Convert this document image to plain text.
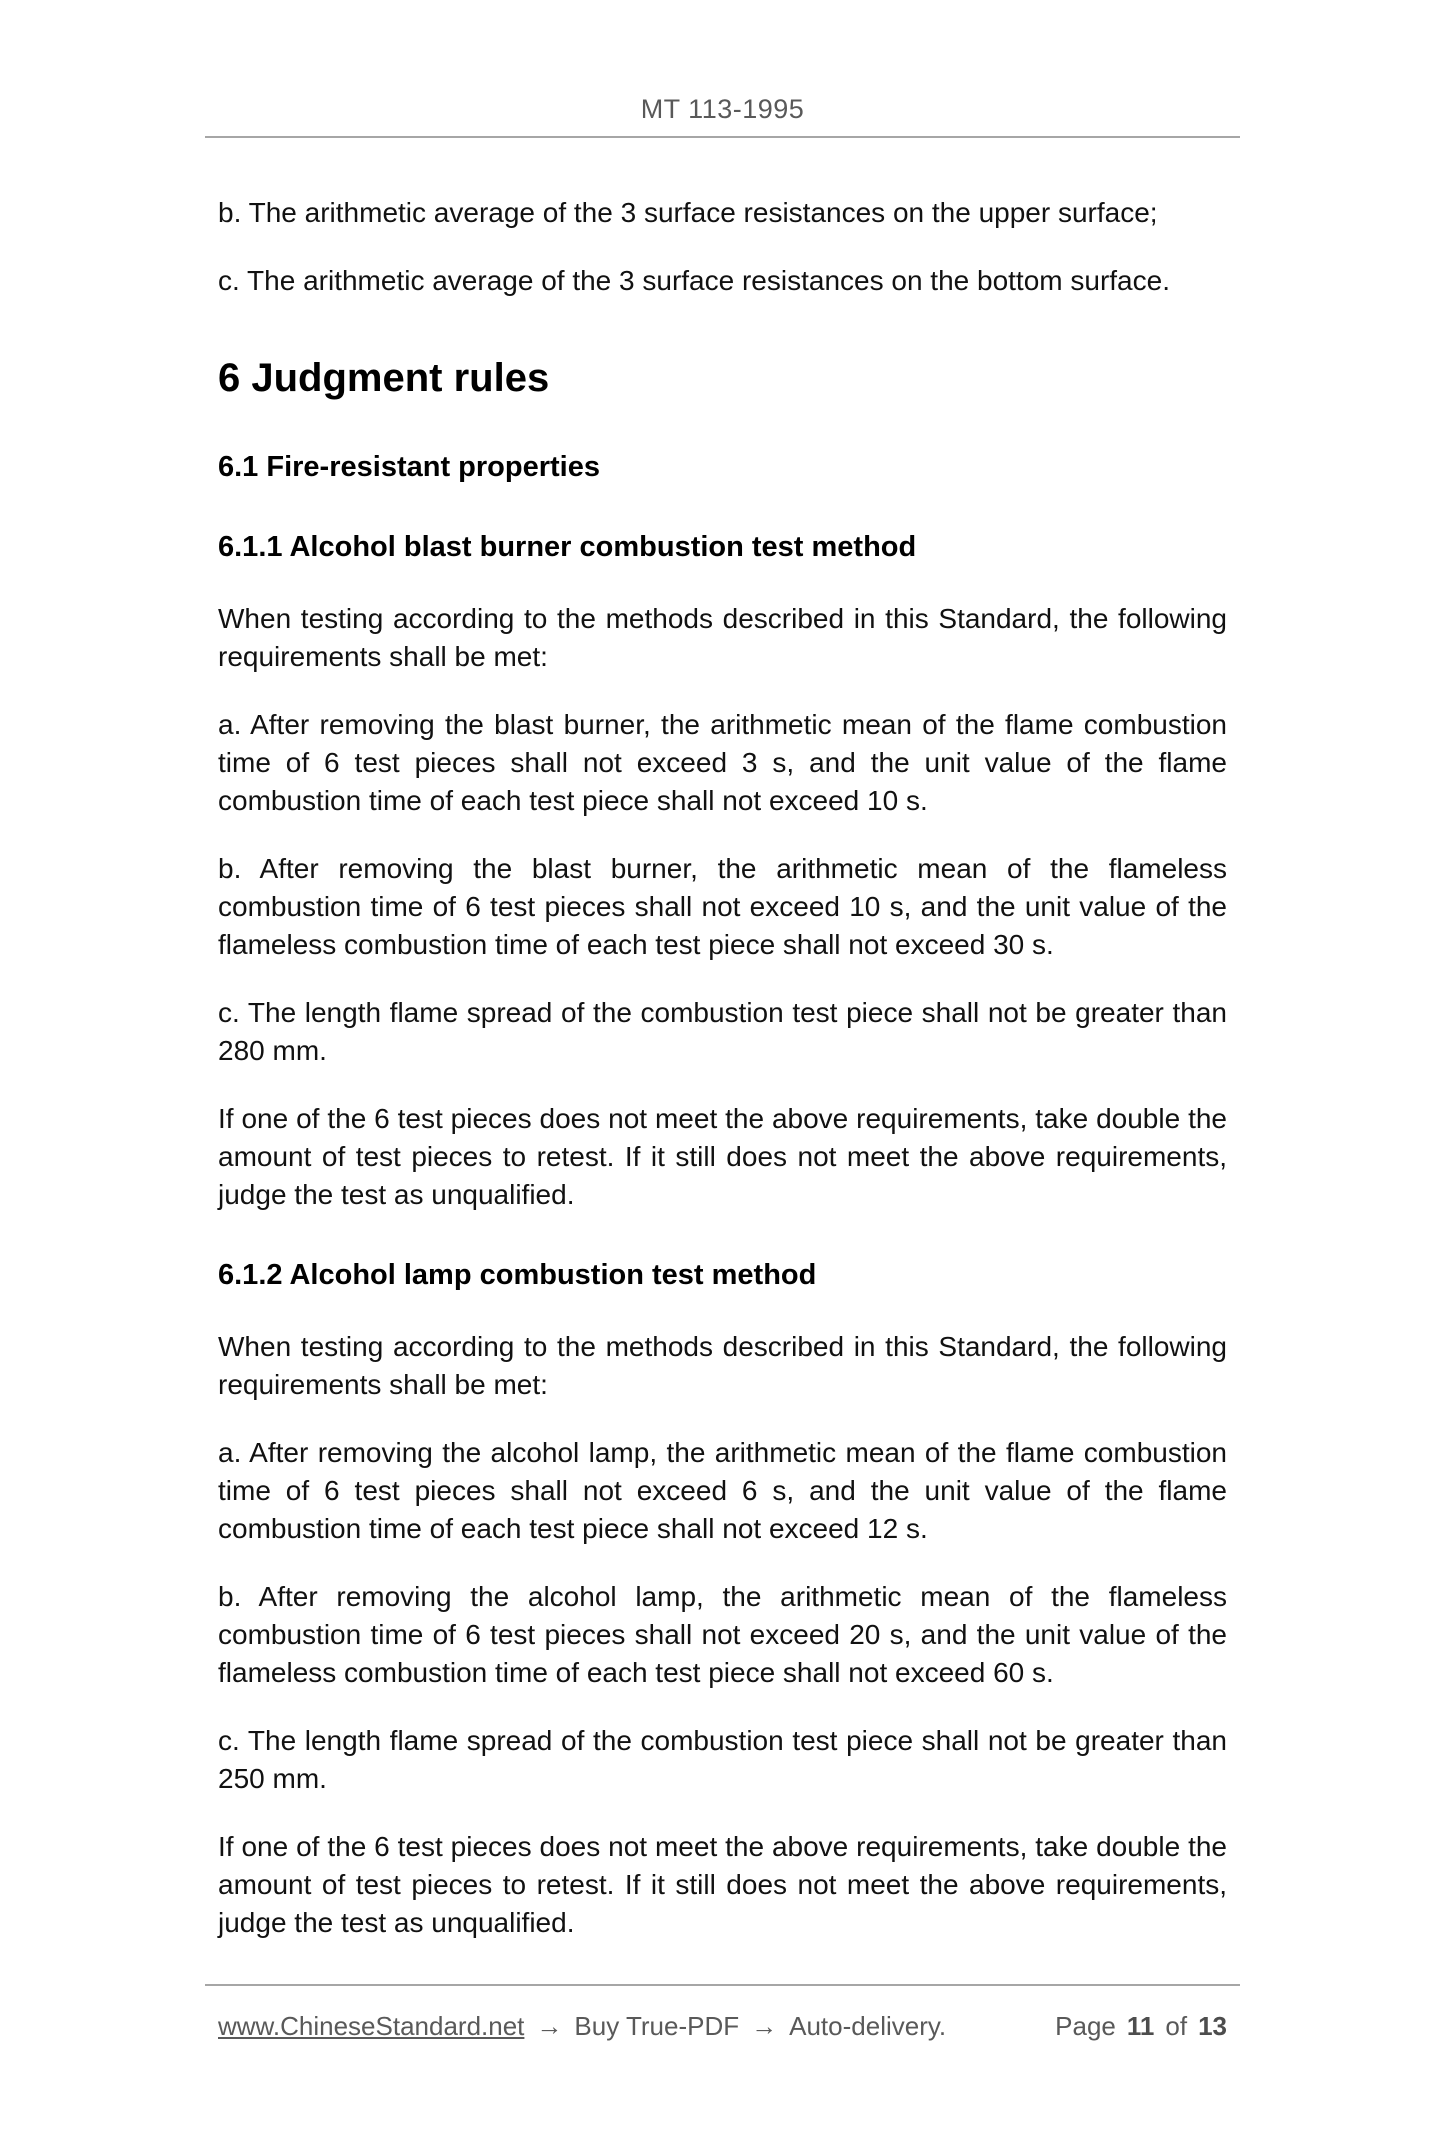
MT 113-1995

b. The arithmetic average of the 3 surface resistances on the upper surface;

c. The arithmetic average of the 3 surface resistances on the bottom surface.

6 Judgment rules
6.1 Fire-resistant properties
6.1.1 Alcohol blast burner combustion test method

When testing according to the methods described in this Standard, the following requirements shall be met:

a. After removing the blast burner, the arithmetic mean of the flame combustion time of 6 test pieces shall not exceed 3 s, and the unit value of the flame combustion time of each test piece shall not exceed 10 s.

b. After removing the blast burner, the arithmetic mean of the flameless combustion time of 6 test pieces shall not exceed 10 s, and the unit value of the flameless combustion time of each test piece shall not exceed 30 s.

c. The length flame spread of the combustion test piece shall not be greater than 280 mm.

If one of the 6 test pieces does not meet the above requirements, take double the amount of test pieces to retest. If it still does not meet the above requirements, judge the test as unqualified.

6.1.2 Alcohol lamp combustion test method

When testing according to the methods described in this Standard, the following requirements shall be met:

a. After removing the alcohol lamp, the arithmetic mean of the flame combustion time of 6 test pieces shall not exceed 6 s, and the unit value of the flame combustion time of each test piece shall not exceed 12 s.

b. After removing the alcohol lamp, the arithmetic mean of the flameless combustion time of 6 test pieces shall not exceed 20 s, and the unit value of the flameless combustion time of each test piece shall not exceed 60 s.

c. The length flame spread of the combustion test piece shall not be greater than 250 mm.

If one of the 6 test pieces does not meet the above requirements, take double the amount of test pieces to retest. If it still does not meet the above requirements, judge the test as unqualified.

www.ChineseStandard.net → Buy True-PDF → Auto-delivery.	Page 11 of 13
